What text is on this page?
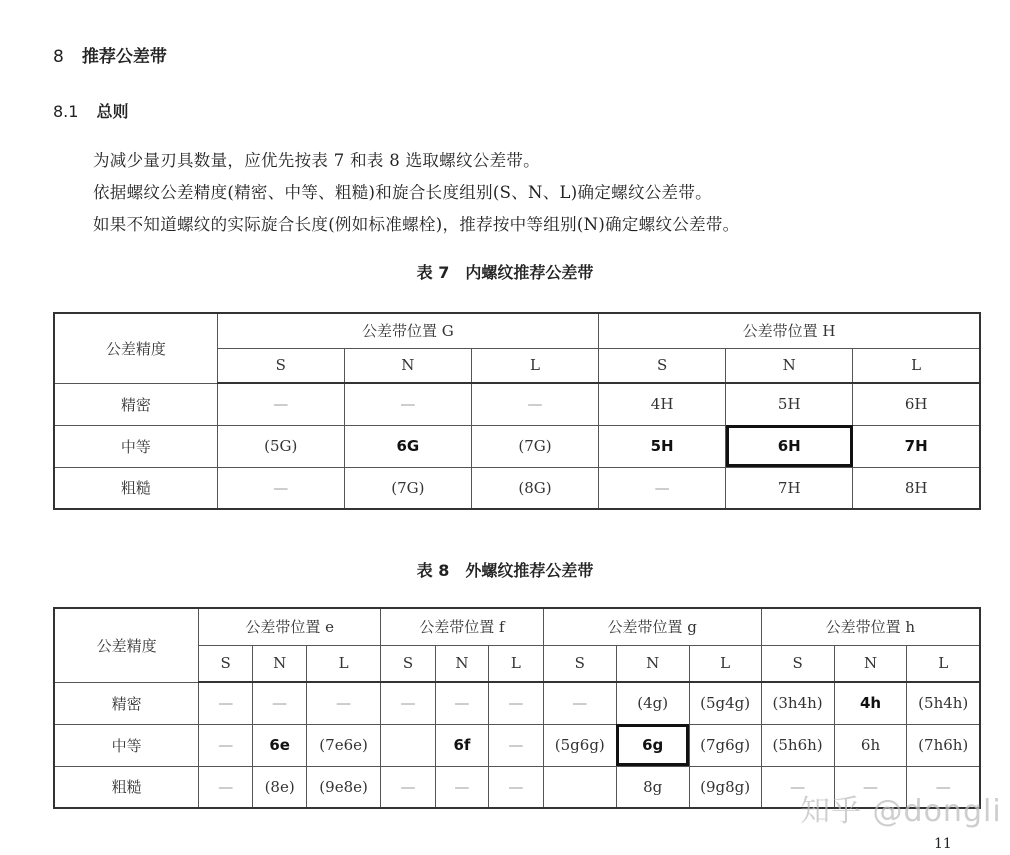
8 推荐公差带
8.1 总则
为减少量刃具数量，应优先按表 7 和表 8 选取螺纹公差带。
依据螺纹公差精度(精密、中等、粗糙)和旋合长度组别(S、N、L)确定螺纹公差带。
如果不知道螺纹的实际旋合长度(例如标准螺栓)，推荐按中等组别(N)确定螺纹公差带。
表 7 内螺纹推荐公差带
公差精度	公差带位置 G			公差带位置 H		
	S	N	L	S	N	L
精密	—	—	—	4H	5H	6H
中等	(5G)	6G	(7G)	5H	6H	7H
粗糙	—	(7G)	(8G)	—	7H	8H
表 8 外螺纹推荐公差带
公差精度	公差带位置 e			公差带位置 f			公差带位置 g			公差带位置 h		
	S	N	L	S	N	L	S	N	L	S	N	L
精密	—	—	—	—	—	—	—	(4g)	(5g4g)	(3h4h)	4h	(5h4h)
中等	—	6e	(7e6e)		6f	—	(5g6g)	6g	(7g6g)	(5h6h)	6h	(7h6h)
粗糙	—	(8e)	(9e8e)	—	—	—		8g	(9g8g)	—	—	—
知乎 @dongli
11
